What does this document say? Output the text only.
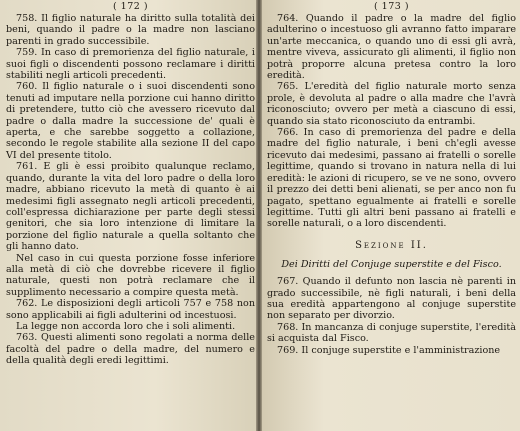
( 172 )

758. Il figlio naturale ha diritto sulla totalità dei beni, quando il padre o la madre non lasciano parenti in grado successibile.

759. In caso di premorienza del figlio naturale, i suoi figli o discendenti possono reclamare i diritti stabiliti negli articoli precedenti.

760. Il figlio naturale o i suoi discendenti sono tenuti ad imputare nella porzione cui hanno diritto di pretendere, tutto ciò che avessero ricevuto dal padre o dalla madre la successione de' quali è aperta, e che sarebbe soggetto a collazione, secondo le regole stabilite alla sezione II del capo VI del presente titolo.

761. E gli è essi proibito qualunque reclamo, quando, durante la vita del loro padre o della loro madre, abbiano ricevuto la metà di quanto è ai medesimi figli assegnato negli articoli precedenti, coll'espressa dichiarazione per parte degli stessi genitori, che sia loro intenzione di limitare la porzione del figlio naturale a quella soltanto che gli hanno dato.

Nel caso in cui questa porzione fosse inferiore alla metà di ciò che dovrebbe ricevere il figlio naturale, questi non potrà reclamare che il supplimento necessario a compire questa metà.

762. Le disposizioni degli articoli 757 e 758 non sono applicabili ai figli adulterini od incestuosi.

La legge non accorda loro che i soli alimenti.

763. Questi alimenti sono regolati a norma delle facoltà del padre o della madre, del numero e della qualità degli eredi legittimi.

( 173 )

764. Quando il padre o la madre del figlio adulterino o incestuoso gli avranno fatto imparare un'arte meccanica, o quando uno di essi gli avrà, mentre viveva, assicurato gli alimenti, il figlio non potrà proporre alcuna pretesa contro la loro eredità.

765. L'eredità del figlio naturale morto senza prole, è devoluta al padre o alla madre che l'avrà riconosciuto; ovvero per metà a ciascuno di essi, quando sia stato riconosciuto da entrambi.

766. In caso di premorienza del padre e della madre del figlio naturale, i beni ch'egli avesse ricevuto dai medesimi, passano ai fratelli o sorelle legittime, quando si trovano in natura nella di lui eredità: le azioni di ricupero, se ve ne sono, ovvero il prezzo dei detti beni alienati, se per anco non fu pagato, spettano egualmente ai fratelli e sorelle legittime. Tutti gli altri beni passano ai fratelli e sorelle naturali, o a loro discendenti.

Sezione II.
Dei Diritti del Conjuge superstite e del Fisco.

767. Quando il defunto non lascia nè parenti in grado successibile, nè figli naturali, i beni della sua eredità appartengono al conjuge superstite non separato per divorzio.

768. In mancanza di conjuge superstite, l'eredità si acquista dal Fisco.

769. Il conjuge superstite e l'amministrazione
